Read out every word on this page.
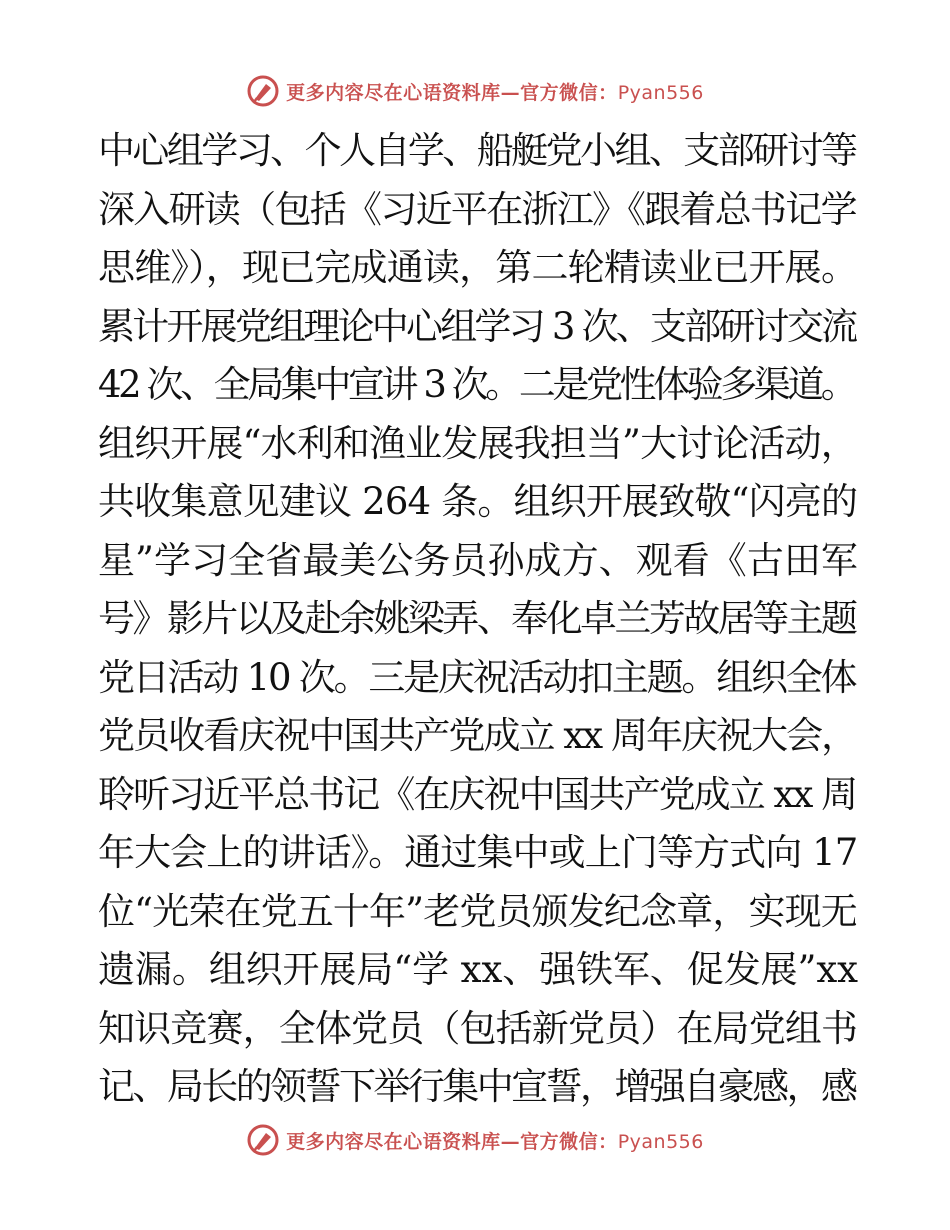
更多内容尽在心语资料库—官方微信：Pyan556
中心组学习、个人自学、船艇党小组、支部研讨等
深入研读（包括《习近平在浙江》《跟着总书记学
思维》），现已完成通读，第二轮精读业已开展。
累计开展党组理论中心组学习 3 次、支部研讨交流
42 次、全局集中宣讲 3 次。二是党性体验多渠道。
组织开展“水利和渔业发展我担当”大讨论活动，
共收集意见建议 264 条。组织开展致敬“闪亮的
星”学习全省最美公务员孙成方、观看《古田军
号》影片以及赴余姚梁弄、奉化卓兰芳故居等主题
党日活动 10 次。三是庆祝活动扣主题。组织全体
党员收看庆祝中国共产党成立 xx 周年庆祝大会，
聆听习近平总书记《在庆祝中国共产党成立 xx 周
年大会上的讲话》。通过集中或上门等方式向 17
位“光荣在党五十年”老党员颁发纪念章，实现无
遗漏。组织开展局“学 xx、强铁军、促发展”xx
知识竞赛，全体党员（包括新党员）在局党组书
记、局长的领誓下举行集中宣誓，增强自豪感，感
更多内容尽在心语资料库—官方微信：Pyan556
